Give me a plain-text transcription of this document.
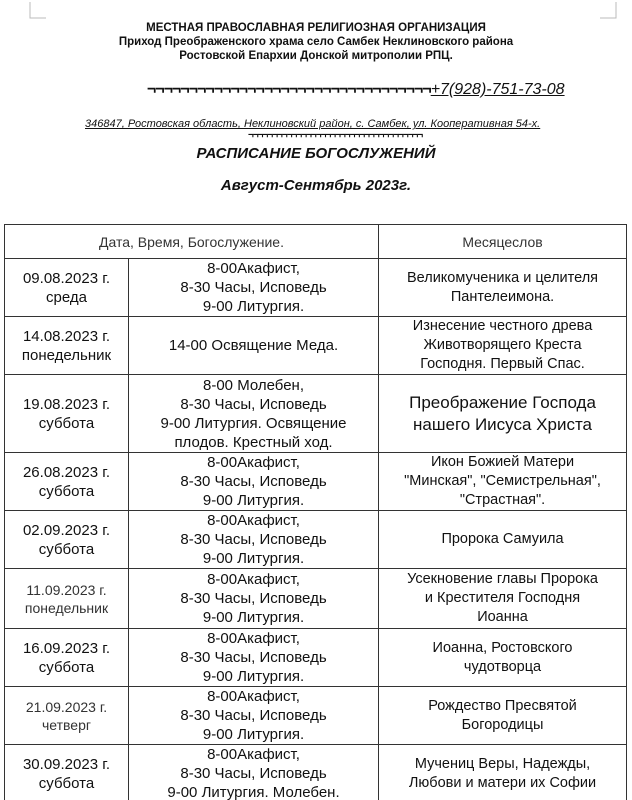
МЕСТНАЯ ПРАВОСЛАВНАЯ РЕЛИГИОЗНАЯ ОРГАНИЗАЦИЯ
Приход Преображенского храма село Самбек Неклиновского района
Ростовской Епархии Донской митрополии РПЦ.
¬¬¬¬¬¬¬¬¬¬¬¬¬¬¬¬¬¬¬¬¬¬¬¬¬¬¬¬¬¬¬¬¬¬+7(928)-751-73-08
346847, Ростовская область, Неклиновский район, с. Самбек, ул. Кооперативная 54-х.
¬¬¬¬¬¬¬¬¬¬¬¬¬¬¬¬¬¬¬¬¬¬¬¬¬¬¬¬¬¬¬¬¬¬¬¬
РАСПИСАНИЕ БОГОСЛУЖЕНИЙ
Август-Сентябрь 2023г.
Дата, Время, Богослужение.		Месяцеслов

09.08.2023 г.
среда	8-00Акафист,
8-30 Часы, Исповедь
9-00 Литургия.	Великомученика и целителя
Пантелеимона.

14.08.2023 г.
понедельник	14-00 Освящение Меда.	Изнесение честного древа
Животворящего Креста
Господня. Первый Спас.

19.08.2023 г.
суббота	8-00 Молебен,
8-30 Часы, Исповедь
9-00 Литургия. Освящение
плодов. Крестный ход.	Преображение Господа
нашего Иисуса Христа

26.08.2023 г.
суббота	8-00Акафист,
8-30 Часы, Исповедь
9-00 Литургия.	Икон Божией Матери
"Минская", "Семистрельная",
"Страстная".

02.09.2023 г.
суббота	8-00Акафист,
8-30 Часы, Исповедь
9-00 Литургия.	Пророка Самуила

11.09.2023 г.
понедельник	8-00Акафист,
8-30 Часы, Исповедь
9-00 Литургия.	Усекновение главы Пророка
и Крестителя Господня
Иоанна

16.09.2023 г.
суббота	8-00Акафист,
8-30 Часы, Исповедь
9-00 Литургия.	Иоанна, Ростовского
чудотворца

21.09.2023 г.
четверг	8-00Акафист,
8-30 Часы, Исповедь
9-00 Литургия.	Рождество Пресвятой
Богородицы

30.09.2023 г.
суббота	8-00Акафист,
8-30 Часы, Исповедь
9-00 Литургия. Молебен.	Мучениц Веры, Надежды,
Любови и матери их Софии
